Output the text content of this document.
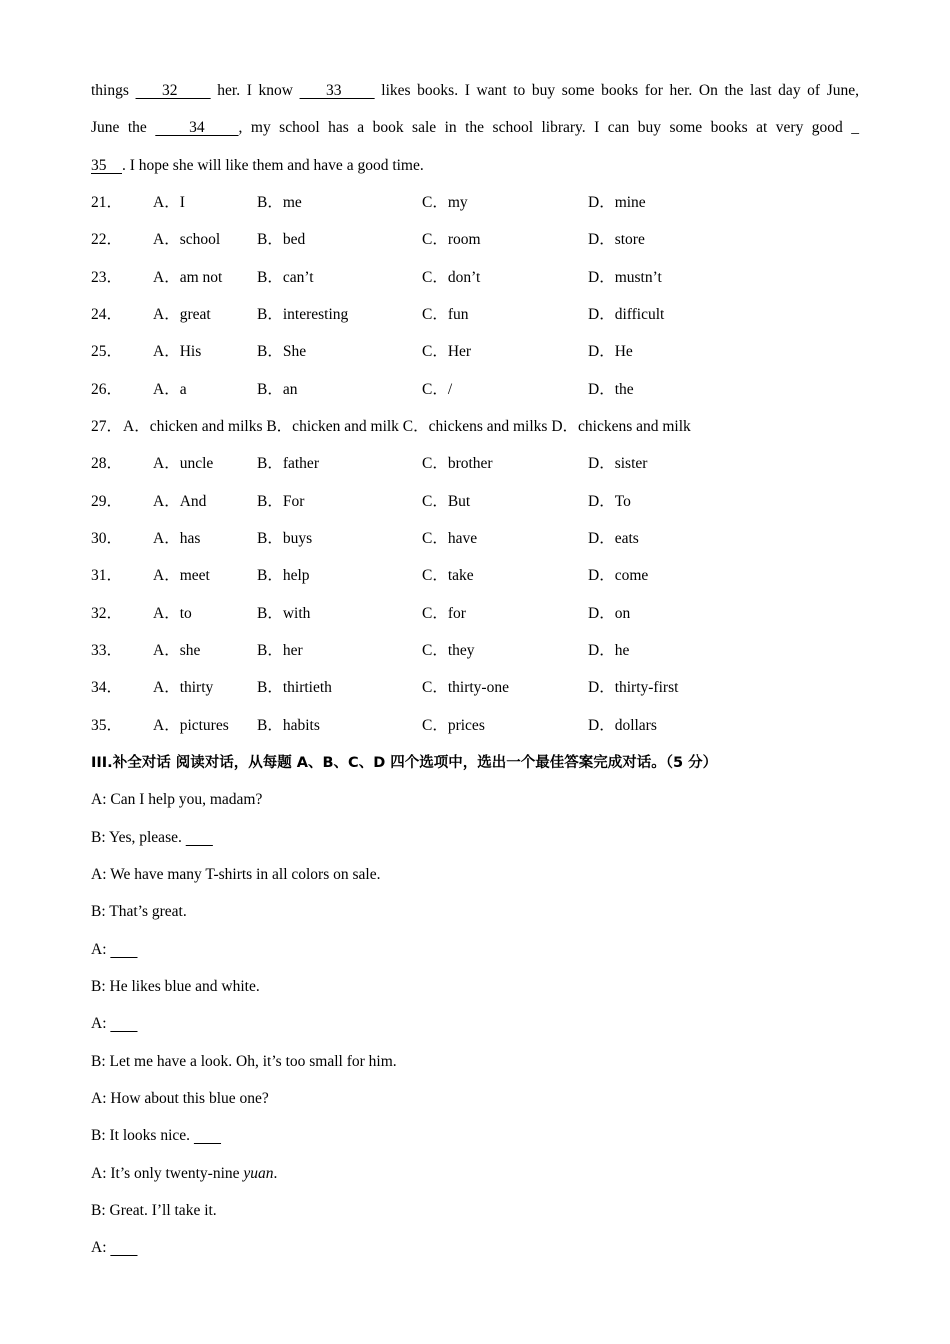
things     32      her. I know     33      likes books. I want to buy some books for her. On the last day of June,
June the     34    , my school has a book sale in the school library. I can buy some books at very good _
35    . I hope she will like them and have a good time.
21． A．I	B．me	C．my	D．mine
22． A．school B．bed	C．room	D．store
23． A．am not B．can’t	C．don’t	D．mustn’t
24． A．great	B．interesting	C．fun	D．difficult
25． A．His	B．She	C．Her	D．He
26． A．a	B．an	C．/	D．the
27． A．chicken and milks B．chicken and milk C．chickens and milks D．chickens and milk
28． A．uncle	B．father	C．brother	D．sister
29． A．And	B．For	C．But	D．To
30． A．has	B．buys	C．have	D．eats
31． A．meet	B．help	C．take	D．come
32． A．to	B．with	C．for	D．on
33． A．she	B．her	C．they	D．he
34． A．thirty	B．thirtieth	C．thirty-one	D．thirty-first
35． A．pictures B．habits	C．prices	D．dollars
III.补全对话 阅读对话，从每题 A、B、C、D 四个选项中，选出一个最佳答案完成对话。（5 分）
A: Can I help you, madam?
B: Yes, please.
A: We have many T-shirts in all colors on sale.
B: That’s great.
A:
B: He likes blue and white.
A:
B: Let me have a look. Oh, it’s too small for him.
A: How about this blue one?
B: It looks nice.
A: It’s only twenty-nine yuan.
B: Great. I’ll take it.
A:
